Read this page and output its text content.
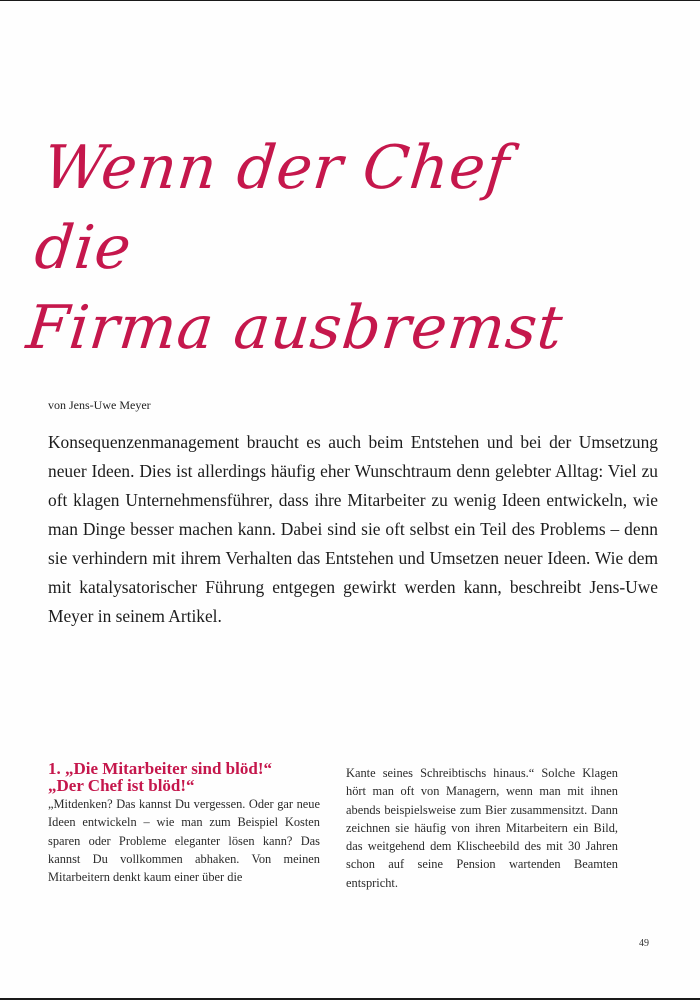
Wenn der Chef die
Firma ausbremst
von Jens-Uwe Meyer

Konsequenzenmanagement braucht es auch beim Entstehen und bei der Umsetzung neuer Ideen. Dies ist allerdings häufig eher Wunschtraum denn gelebter Alltag: Viel zu oft klagen Unternehmensführer, dass ihre Mitarbeiter zu wenig Ideen entwickeln, wie man Dinge besser machen kann. Dabei sind sie oft selbst ein Teil des Problems – denn sie verhindern mit ihrem Verhalten das Entstehen und Umsetzen neuer Ideen. Wie dem mit katalysatorischer Führung entgegen gewirkt werden kann, beschreibt Jens-Uwe Meyer in seinem Artikel.

1. „Die Mitarbeiter sind blöd!“
„Der Chef ist blöd!“

„Mitdenken? Das kannst Du vergessen. Oder gar neue Ideen entwickeln – wie man zum Beispiel Kosten sparen oder Probleme eleganter lösen kann? Das kannst Du vollkommen abhaken. Von meinen Mitarbeitern denkt kaum einer über die

Kante seines Schreibtischs hinaus.“ Solche Klagen hört man oft von Managern, wenn man mit ihnen abends beispielsweise zum Bier zusammensitzt. Dann zeichnen sie häufig von ihren Mitarbeitern ein Bild, das weitgehend dem Klischeebild des mit 30 Jahren schon auf seine Pension wartenden Beamten entspricht.

49
